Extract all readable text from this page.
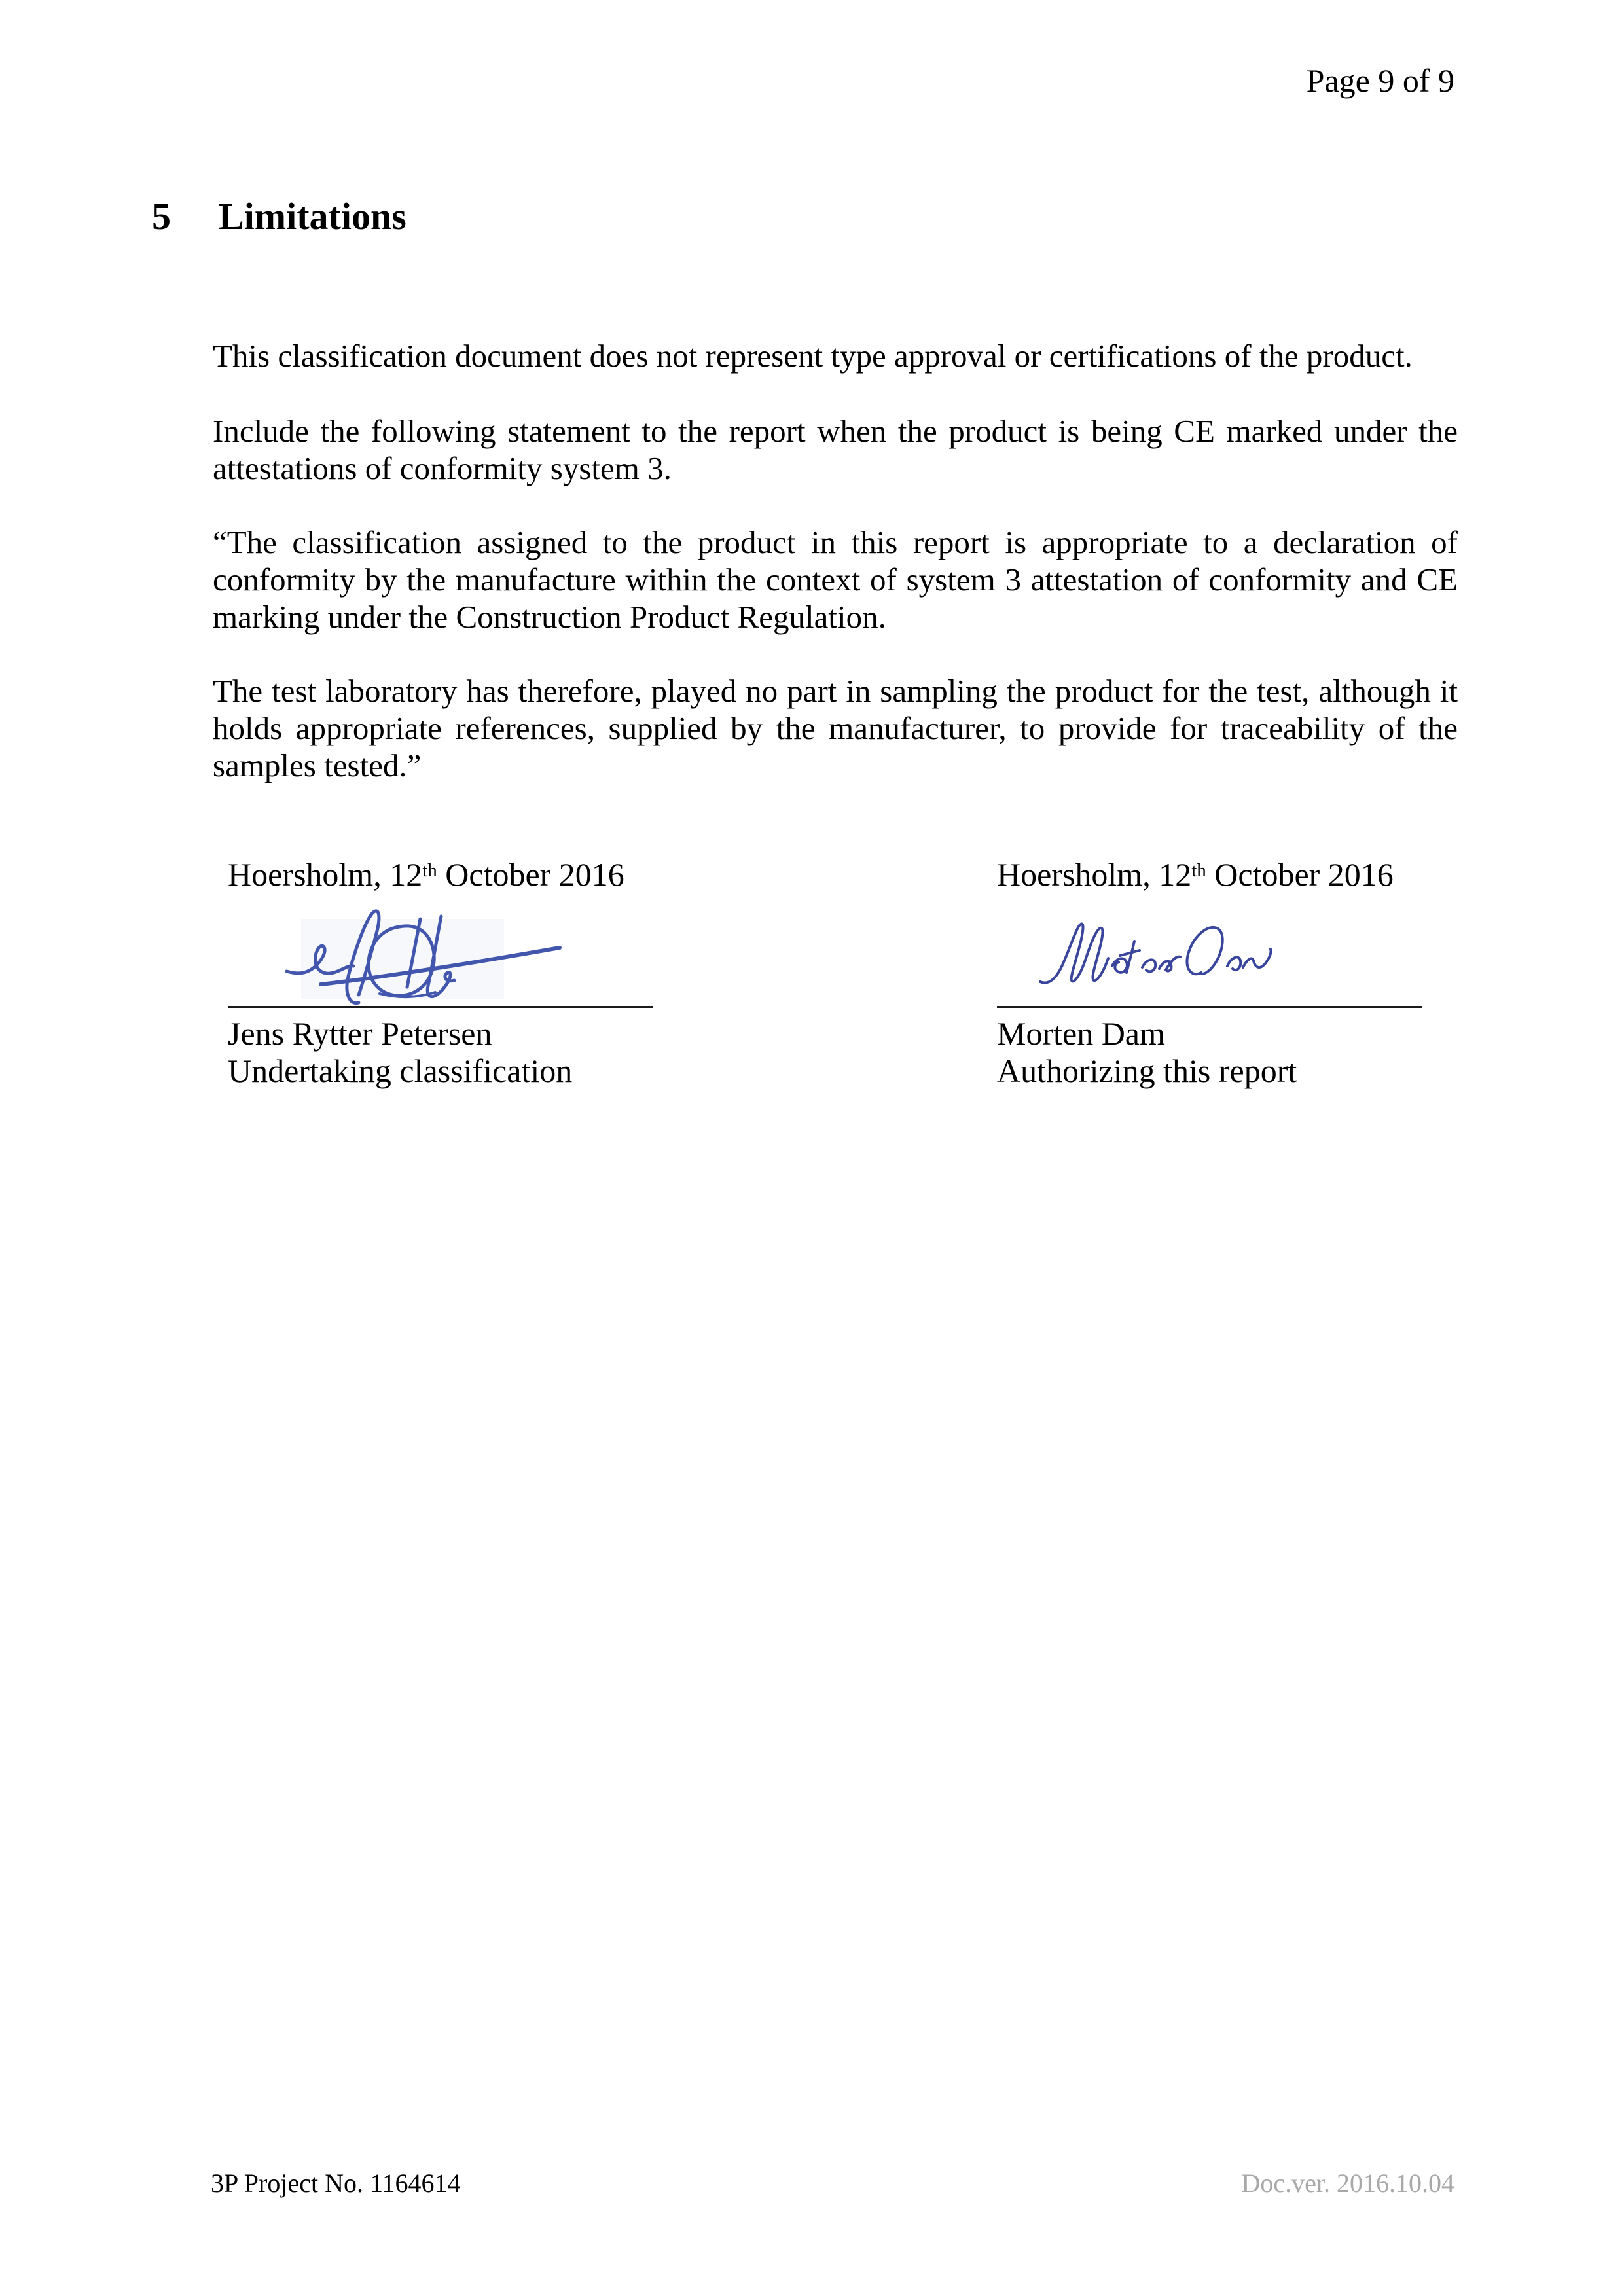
Page 9 of 9
5	Limitations
This classification document does not represent type approval or certifications of the product.
Include the following statement to the report when the product is being CE marked under the
attestations of conformity system 3.
“The classification assigned to the product in this report is appropriate to a declaration of
conformity by the manufacture within the context of system 3 attestation of conformity and CE
marking under the Construction Product Regulation.
The test laboratory has therefore, played no part in sampling the product for the test, although it
holds appropriate references, supplied by the manufacturer, to provide for traceability of the
samples tested.”
Hoersholm, 12th October 2016	Hoersholm, 12th October 2016
Jens Rytter Petersen
Undertaking classification
Morten Dam
Authorizing this report
3P Project No. 1164614	Doc.ver. 2016.10.04
